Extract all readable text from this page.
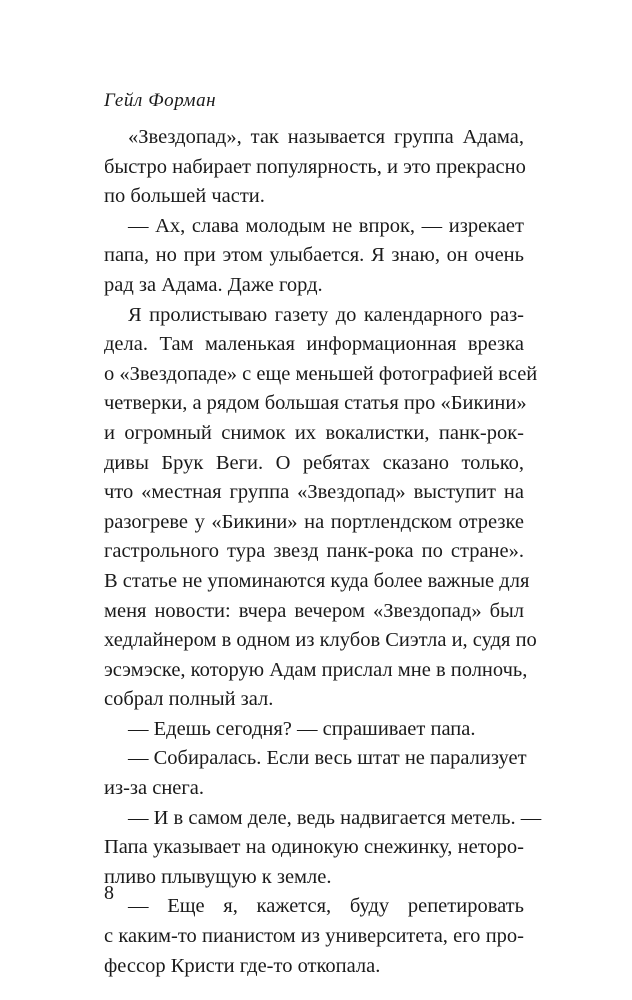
Гейл Форман
«Звездопад», так называется группа Адама,
быстро набирает популярность, и это прекрасно
по большей части.
— Ах, слава молодым не впрок, — изрекает
папа, но при этом улыбается. Я знаю, он очень
рад за Адама. Даже горд.
Я пролистываю газету до календарного раз-
дела. Там маленькая информационная врезка
о «Звездопаде» с еще меньшей фотографией всей
четверки, а рядом большая статья про «Бикини»
и огромный снимок их вокалистки, панк-рок-
дивы Брук Веги. О ребятах сказано только,
что «местная группа «Звездопад» выступит на
разогреве у «Бикини» на портлендском отрезке
гастрольного тура звезд панк-рока по стране».
В статье не упоминаются куда более важные для
меня новости: вчера вечером «Звездопад» был
хедлайнером в одном из клубов Сиэтла и, судя по
эсэмэске, которую Адам прислал мне в полночь,
собрал полный зал.
— Едешь сегодня? — спрашивает папа.
— Собиралась. Если весь штат не парализует
из-за снега.
— И в самом деле, ведь надвигается метель. —
Папа указывает на одинокую снежинку, неторо-
пливо плывущую к земле.
— Еще я, кажется, буду репетировать
с каким-то пианистом из университета, его про-
фессор Кристи где-то откопала.
8
